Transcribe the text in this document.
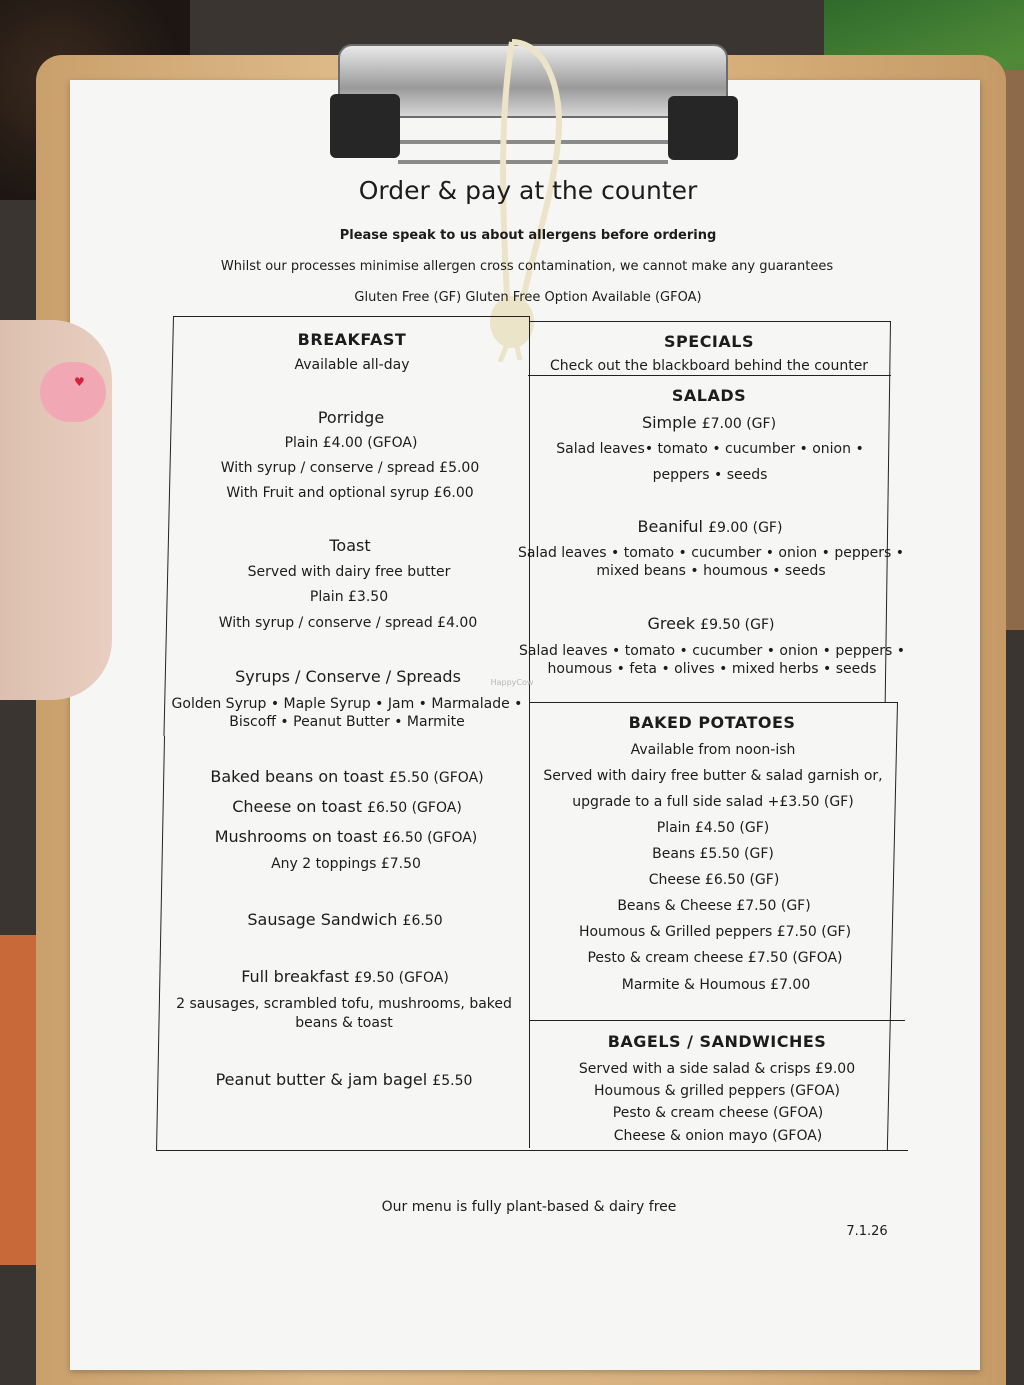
♥
Order & pay at the counter
Please speak to us about allergens before ordering
Whilst our processes minimise allergen cross contamination, we cannot make any guarantees
Gluten Free (GF) Gluten Free Option Available (GFOA)
BREAKFAST
Available all-day
Porridge
Plain £4.00 (GFOA)
With syrup / conserve / spread £5.00
With Fruit and optional syrup £6.00
Toast
Served with dairy free butter
Plain £3.50
With syrup / conserve / spread £4.00
Syrups / Conserve / Spreads
Golden Syrup • Maple Syrup • Jam • Marmalade •
Biscoff • Peanut Butter • Marmite
Baked beans on toast £5.50 (GFOA)
Cheese on toast £6.50 (GFOA)
Mushrooms on toast £6.50 (GFOA)
Any 2 toppings £7.50
Sausage Sandwich £6.50
Full breakfast £9.50 (GFOA)
2 sausages, scrambled tofu, mushrooms, baked
beans & toast
Peanut butter & jam bagel £5.50
SPECIALS
Check out the blackboard behind the counter
SALADS
Simple £7.00 (GF)
Salad leaves• tomato • cucumber • onion •
peppers • seeds
Beaniful £9.00 (GF)
Salad leaves • tomato • cucumber • onion • peppers •
mixed beans • houmous • seeds
Greek £9.50 (GF)
Salad leaves • tomato • cucumber • onion • peppers •
houmous • feta • olives • mixed herbs • seeds
BAKED POTATOES
Available from noon-ish
Served with dairy free butter & salad garnish or,
upgrade to a full side salad +£3.50 (GF)
Plain £4.50 (GF)
Beans £5.50 (GF)
Cheese £6.50 (GF)
Beans & Cheese £7.50 (GF)
Houmous & Grilled peppers £7.50 (GF)
Pesto & cream cheese £7.50 (GFOA)
Marmite & Houmous £7.00
BAGELS / SANDWICHES
Served with a side salad & crisps £9.00
Houmous & grilled peppers (GFOA)
Pesto & cream cheese (GFOA)
Cheese & onion mayo (GFOA)
Our menu is fully plant-based & dairy free
7.1.26
HappyCow
